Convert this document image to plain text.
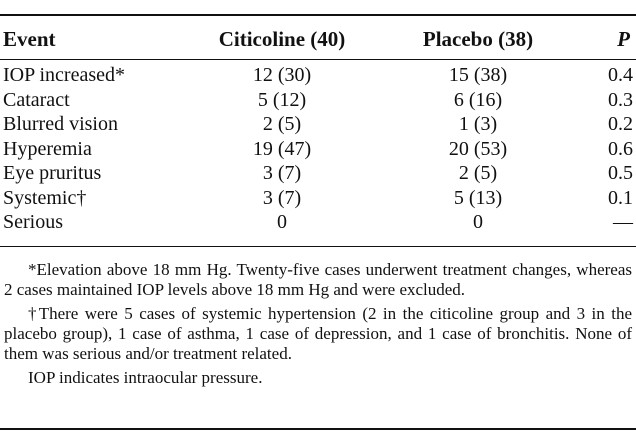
Event	Citicoline (40)	Placebo (38)	P
IOP increased*	12 (30)	15 (38)	0.4
Cataract	5 (12)	6 (16)	0.3
Blurred vision	2 (5)	1 (3)	0.2
Hyperemia	19 (47)	20 (53)	0.6
Eye pruritus	3 (7)	2 (5)	0.5
Systemic†	3 (7)	5 (13)	0.1
Serious	0	0	—

*Elevation above 18 mm Hg. Twenty-five cases underwent treatment changes, whereas 2 cases maintained IOP levels above 18 mm Hg and were excluded.

†There were 5 cases of systemic hypertension (2 in the citicoline group and 3 in the placebo group), 1 case of asthma, 1 case of depression, and 1 case of bronchitis. None of them was serious and/or treatment related.

IOP indicates intraocular pressure.
